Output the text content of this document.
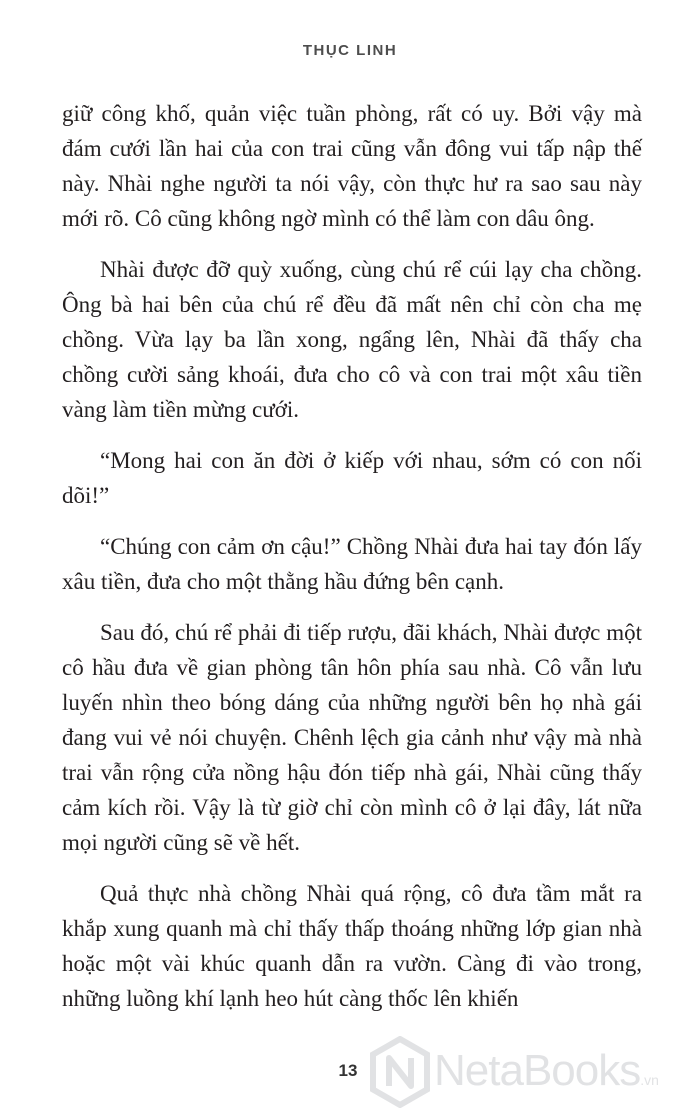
THỤC LINH

giữ công khố, quản việc tuần phòng, rất có uy. Bởi vậy mà đám cưới lần hai của con trai cũng vẫn đông vui tấp nập thế này. Nhài nghe người ta nói vậy, còn thực hư ra sao sau này mới rõ. Cô cũng không ngờ mình có thể làm con dâu ông.

Nhài được đỡ quỳ xuống, cùng chú rể cúi lạy cha chồng. Ông bà hai bên của chú rể đều đã mất nên chỉ còn cha mẹ chồng. Vừa lạy ba lần xong, ngẩng lên, Nhài đã thấy cha chồng cười sảng khoái, đưa cho cô và con trai một xâu tiền vàng làm tiền mừng cưới.

“Mong hai con ăn đời ở kiếp với nhau, sớm có con nối dõi!”

“Chúng con cảm ơn cậu!” Chồng Nhài đưa hai tay đón lấy xâu tiền, đưa cho một thằng hầu đứng bên cạnh.

Sau đó, chú rể phải đi tiếp rượu, đãi khách, Nhài được một cô hầu đưa về gian phòng tân hôn phía sau nhà. Cô vẫn lưu luyến nhìn theo bóng dáng của những người bên họ nhà gái đang vui vẻ nói chuyện. Chênh lệch gia cảnh như vậy mà nhà trai vẫn rộng cửa nồng hậu đón tiếp nhà gái, Nhài cũng thấy cảm kích rồi. Vậy là từ giờ chỉ còn mình cô ở lại đây, lát nữa mọi người cũng sẽ về hết.

Quả thực nhà chồng Nhài quá rộng, cô đưa tầm mắt ra khắp xung quanh mà chỉ thấy thấp thoáng những lớp gian nhà hoặc một vài khúc quanh dẫn ra vườn. Càng đi vào trong, những luồng khí lạnh heo hút càng thốc lên khiến

13 NetaBooks.vn
